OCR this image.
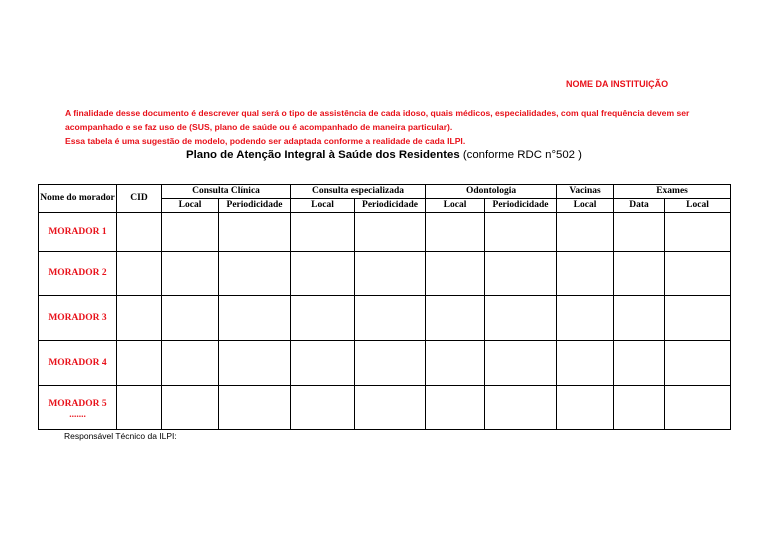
NOME DA INSTITUIÇÃO

A finalidade desse documento é descrever qual será o tipo de assistência de cada idoso, quais médicos, especialidades, com qual frequência devem ser

acompanhado e se faz uso de (SUS, plano de saúde ou é acompanhado de maneira particular).

Essa tabela é uma sugestão de modelo, podendo ser adaptada conforme a realidade de cada ILPI.

Plano de Atenção Integral à Saúde dos Residentes (conforme RDC n°502 )
Nome do morador	CID	Consulta Clínica		Consulta especializada		Odontologia		Vacinas	Exames	
		Local	Periodicidade	Local	Periodicidade	Local	Periodicidade	Local	Data	Local
MORADOR 1										
MORADOR 2										
MORADOR 3										
MORADOR 4										
MORADOR 5 .......										
Responsável Técnico da ILPI:
